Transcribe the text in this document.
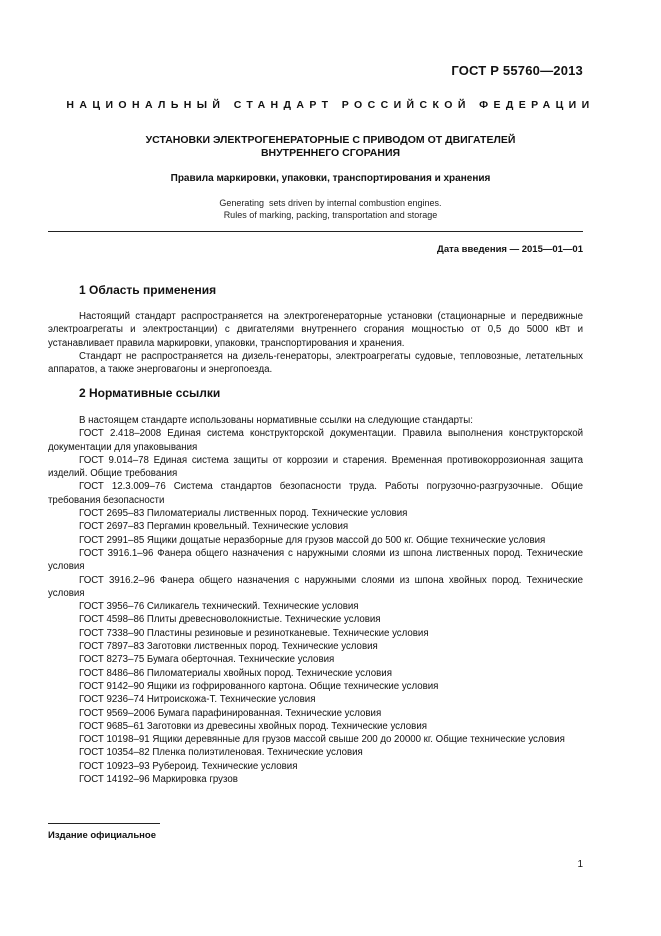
ГОСТ Р 55760—2013
НАЦИОНАЛЬНЫЙ СТАНДАРТ РОССИЙСКОЙ ФЕДЕРАЦИИ
УСТАНОВКИ ЭЛЕКТРОГЕНЕРАТОРНЫЕ С ПРИВОДОМ ОТ ДВИГАТЕЛЕЙ
ВНУТРЕННЕГО СГОРАНИЯ
Правила маркировки, упаковки, транспортирования и хранения
Generating  sets driven by internal combustion engines.
Rules of marking, packing, transportation and storage
Дата введения — 2015—01—01
1 Область применения

Настоящий стандарт распространяется на электрогенераторные установки (стационарные и передвижные электроагрегаты и электростанции) с двигателями внутреннего сгорания мощностью от 0,5 до 5000 кВт и устанавливает правила маркировки, упаковки, транспортирования и хранения.

Стандарт не распространяется на дизель-генераторы, электроагрегаты судовые, тепловозные, летательных аппаратов, а также энерговагоны и энергопоезда.

2 Нормативные ссылки

В настоящем стандарте использованы нормативные ссылки на следующие стандарты:

ГОСТ 2.418–2008 Единая система конструкторской документации. Правила выполнения конструкторской документации для упаковывания

ГОСТ 9.014–78 Единая система защиты от коррозии и старения. Временная противокоррозионная защита изделий. Общие требования

ГОСТ 12.3.009–76 Система стандартов безопасности труда. Работы погрузочно-разгрузочные. Общие требования безопасности

ГОСТ 2695–83 Пиломатериалы лиственных пород. Технические условия

ГОСТ 2697–83 Пергамин кровельный. Технические условия

ГОСТ 2991–85 Ящики дощатые неразборные для грузов массой до 500 кг. Общие технические условия

ГОСТ 3916.1–96 Фанера общего назначения с наружными слоями из шпона лиственных пород. Технические условия

ГОСТ 3916.2–96 Фанера общего назначения с наружными слоями из шпона хвойных пород. Технические условия

ГОСТ 3956–76 Силикагель технический. Технические условия

ГОСТ 4598–86 Плиты древесноволокнистые. Технические условия

ГОСТ 7338–90 Пластины резиновые и резинотканевые. Технические условия

ГОСТ 7897–83 Заготовки лиственных пород. Технические условия

ГОСТ 8273–75 Бумага оберточная. Технические условия

ГОСТ 8486–86 Пиломатериалы хвойных пород. Технические условия

ГОСТ 9142–90 Ящики из гофрированного картона. Общие технические условия

ГОСТ 9236–74 Нитроискожа-Т. Технические условия

ГОСТ 9569–2006 Бумага парафинированная. Технические условия

ГОСТ 9685–61 Заготовки из древесины хвойных пород. Технические условия

ГОСТ 10198–91 Ящики деревянные для грузов массой свыше 200 до 20000 кг. Общие технические условия

ГОСТ 10354–82 Пленка полиэтиленовая. Технические условия

ГОСТ 10923–93 Рубероид. Технические условия

ГОСТ 14192–96 Маркировка грузов

Издание официальное
1
